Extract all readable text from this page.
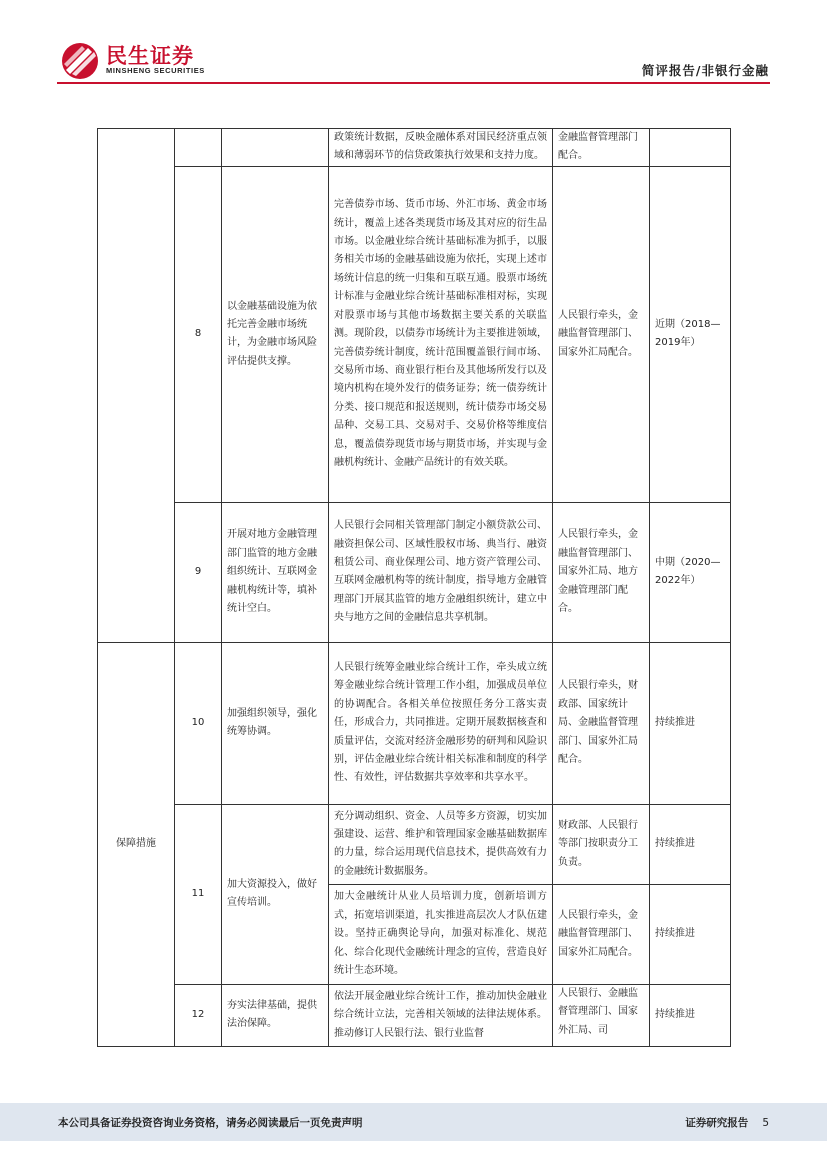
民生证券
MINSHENG SECURITIES	简评报告/非银行金融
			政策统计数据，反映金融体系对国民经济重点领域和薄弱环节的信贷政策执行效果和支持力度。	金融监督管理部门配合。	
	8	以金融基础设施为依托完善金融市场统计，为金融市场风险评估提供支撑。	完善债券市场、货币市场、外汇市场、黄金市场统计，覆盖上述各类现货市场及其对应的衍生品市场。以金融业综合统计基础标准为抓手，以服务相关市场的金融基础设施为依托，实现上述市场统计信息的统一归集和互联互通。股票市场统计标准与金融业综合统计基础标准相对标，实现对股票市场与其他市场数据主要关系的关联监测。现阶段，以债券市场统计为主要推进领域，完善债券统计制度，统计范围覆盖银行间市场、交易所市场、商业银行柜台及其他场所发行以及境内机构在境外发行的债务证券；统一债券统计分类、接口规范和报送规则，统计债券市场交易品种、交易工具、交易对手、交易价格等维度信息，覆盖债券现货市场与期货市场，并实现与金融机构统计、金融产品统计的有效关联。	人民银行牵头，金融监督管理部门、国家外汇局配合。	近期（2018—2019年）
	9	开展对地方金融管理部门监管的地方金融组织统计、互联网金融机构统计等，填补统计空白。	人民银行会同相关管理部门制定小额贷款公司、融资担保公司、区域性股权市场、典当行、融资租赁公司、商业保理公司、地方资产管理公司、互联网金融机构等的统计制度，指导地方金融管理部门开展其监管的地方金融组织统计，建立中央与地方之间的金融信息共享机制。	人民银行牵头，金融监督管理部门、国家外汇局、地方金融管理部门配合。	中期（2020—2022年）
保障措施	10	加强组织领导，强化统筹协调。	人民银行统筹金融业综合统计工作，牵头成立统筹金融业综合统计管理工作小组，加强成员单位的协调配合。各相关单位按照任务分工落实责任，形成合力，共同推进。定期开展数据核查和质量评估，交流对经济金融形势的研判和风险识别，评估金融业综合统计相关标准和制度的科学性、有效性，评估数据共享效率和共享水平。	人民银行牵头，财政部、国家统计局、金融监督管理部门、国家外汇局配合。	持续推进
	11	加大资源投入，做好宣传培训。	充分调动组织、资金、人员等多方资源，切实加强建设、运营、维护和管理国家金融基础数据库的力量，综合运用现代信息技术，提供高效有力的金融统计数据服务。	财政部、人民银行等部门按职责分工负责。	持续推进
			加大金融统计从业人员培训力度，创新培训方式，拓宽培训渠道，扎实推进高层次人才队伍建设。坚持正确舆论导向，加强对标准化、规范化、综合化现代金融统计理念的宣传，营造良好统计生态环境。	人民银行牵头，金融监督管理部门、国家外汇局配合。	持续推进
	12	夯实法律基础，提供法治保障。	依法开展金融业综合统计工作，推动加快金融业综合统计立法，完善相关领域的法律法规体系。推动修订人民银行法、银行业监督	人民银行、金融监督管理部门、国家外汇局、司	持续推进
本公司具备证券投资咨询业务资格，请务必阅读最后一页免责声明	证券研究报告 5
